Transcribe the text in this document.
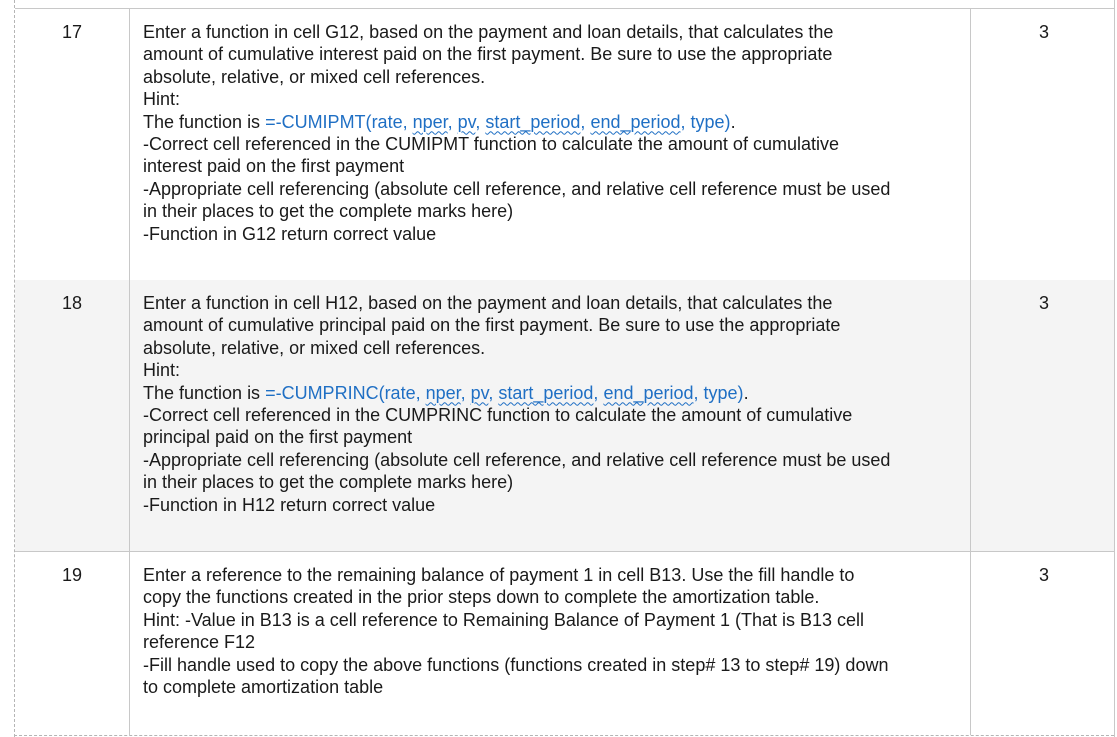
17	Enter a function in cell G12, based on the payment and loan details, that calculates the
amount of cumulative interest paid on the first payment. Be sure to use the appropriate
absolute, relative, or mixed cell references.
Hint:
The function is =-CUMIPMT(rate, nper, pv, start_period, end_period, type).
-Correct cell referenced in the CUMIPMT function to calculate the amount of cumulative
interest paid on the first payment
-Appropriate cell referencing (absolute cell reference, and relative cell reference must be used
in their places to get the complete marks here)
-Function in G12 return correct value
3
18	Enter a function in cell H12, based on the payment and loan details, that calculates the
amount of cumulative principal paid on the first payment. Be sure to use the appropriate
absolute, relative, or mixed cell references.
Hint:
The function is =-CUMPRINC(rate, nper, pv, start_period, end_period, type).
-Correct cell referenced in the CUMPRINC function to calculate the amount of cumulative
principal paid on the first payment
-Appropriate cell referencing (absolute cell reference, and relative cell reference must be used
in their places to get the complete marks here)
-Function in H12 return correct value
3
19	Enter a reference to the remaining balance of payment 1 in cell B13. Use the fill handle to
copy the functions created in the prior steps down to complete the amortization table.
Hint: -Value in B13 is a cell reference to Remaining Balance of Payment 1 (That is B13 cell
reference F12
-Fill handle used to copy the above functions (functions created in step# 13 to step# 19) down
to complete amortization table
3
